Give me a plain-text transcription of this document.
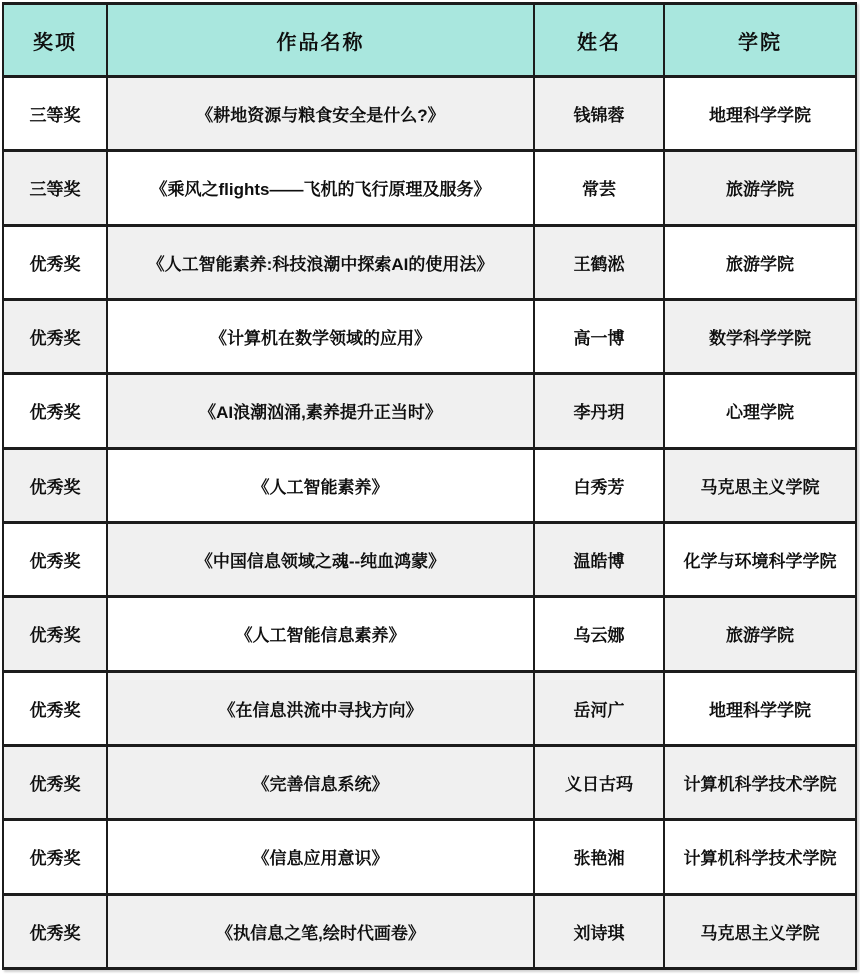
奖项	作品名称	姓名	学院
三等奖	《耕地资源与粮食安全是什么?》	钱锦蓉	地理科学学院
三等奖	《乘风之flights——飞机的飞行原理及服务》	常芸	旅游学院
优秀奖	《人工智能素养:科技浪潮中探索AI的使用法》	王鹤淞	旅游学院
优秀奖	《计算机在数学领域的应用》	高一博	数学科学学院
优秀奖	《AI浪潮汹涌,素养提升正当时》	李丹玥	心理学院
优秀奖	《人工智能素养》	白秀芳	马克思主义学院
优秀奖	《中国信息领域之魂--纯血鸿蒙》	温皓博	化学与环境科学学院
优秀奖	《人工智能信息素养》	乌云娜	旅游学院
优秀奖	《在信息洪流中寻找方向》	岳河广	地理科学学院
优秀奖	《完善信息系统》	义日古玛	计算机科学技术学院
优秀奖	《信息应用意识》	张艳湘	计算机科学技术学院
优秀奖	《执信息之笔,绘时代画卷》	刘诗琪	马克思主义学院
